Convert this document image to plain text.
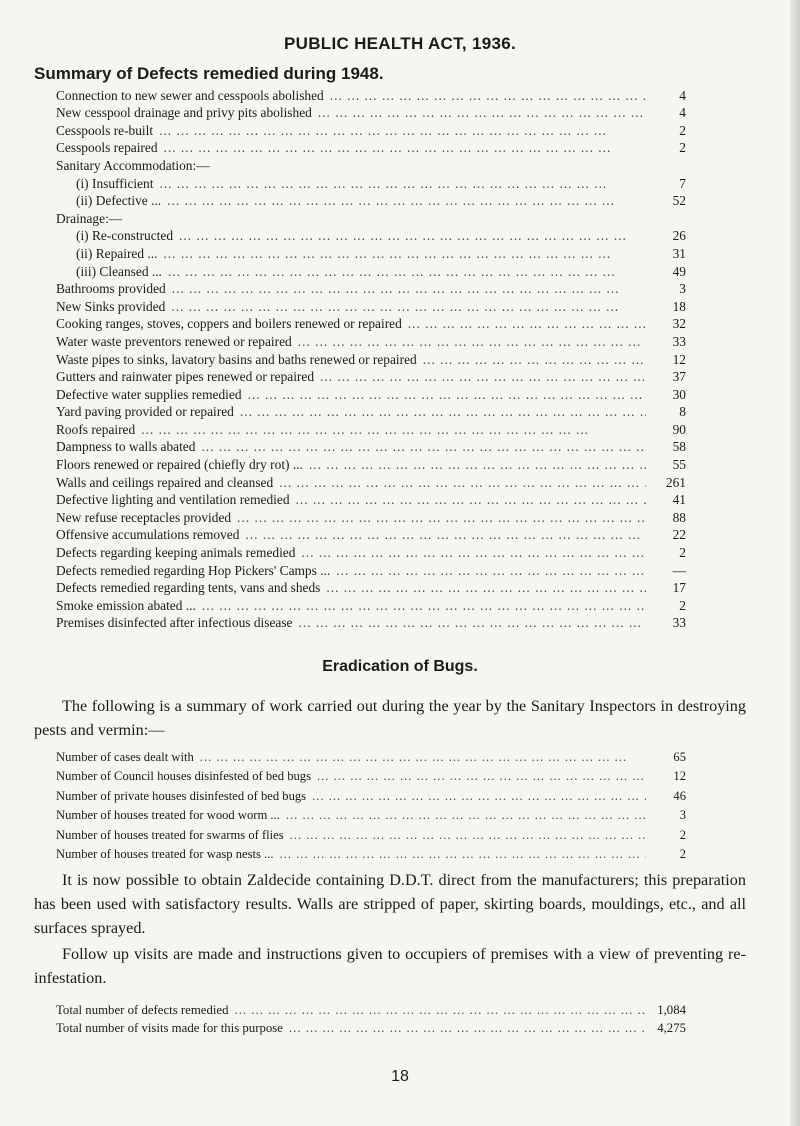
PUBLIC HEALTH ACT, 1936.
Summary of Defects remedied during 1948.
Connection to new sewer and cesspools abolished ... .	4
New cesspool drainage and privy pits abolished ... .	4
Cesspools re-built ... .	2
Cesspools repaired ... .	2
Sanitary Accommodation:—
(i) Insufficient ... .	7
(ii) Defective ... ... .	52
Drainage:—
(i) Re-constructed ... .	26
(ii) Repaired ... ... .	31
(iii) Cleansed ... ... .	49
Bathrooms provided ... .	3
New Sinks provided ... .	18
Cooking ranges, stoves, coppers and boilers renewed or repaired ... .	32
Water waste preventors renewed or repaired ... .	33
Waste pipes to sinks, lavatory basins and baths renewed or repaired ... .	12
Gutters and rainwater pipes renewed or repaired ... .	37
Defective water supplies remedied ... .	30
Yard paving provided or repaired ... .	8
Roofs repaired ... .	90
Dampness to walls abated ... .	58
Floors renewed or repaired (chiefly dry rot) ... ... .	55
Walls and ceilings repaired and cleansed ... .	261
Defective lighting and ventilation remedied ... .	41
New refuse receptacles provided ... .	88
Offensive accumulations removed ... .	22
Defects regarding keeping animals remedied ... .	2
Defects remedied regarding Hop Pickers' Camps ... ... .	—
Defects remedied regarding tents, vans and sheds ... .	17
Smoke emission abated ... ... .	2
Premises disinfected after infectious disease ... .	33
Eradication of Bugs.
The following is a summary of work carried out during the year by the Sanitary Inspectors in destroying pests and vermin:—
Number of cases dealt with ... .	65
Number of Council houses disinfested of bed bugs ... .	12
Number of private houses disinfested of bed bugs ... .	46
Number of houses treated for wood worm ... ... .	3
Number of houses treated for swarms of flies ... .	2
Number of houses treated for wasp nests ... ... .	2
It is now possible to obtain Zaldecide containing D.D.T. direct from the manufacturers; this preparation has been used with satisfactory results. Walls are stripped of paper, skirting boards, mouldings, etc., and all surfaces sprayed.
Follow up visits are made and instructions given to occupiers of premises with a view of preventing re-infestation.
Total number of defects remedied ... .	1,084
Total number of visits made for this purpose ... .	4,275
18
